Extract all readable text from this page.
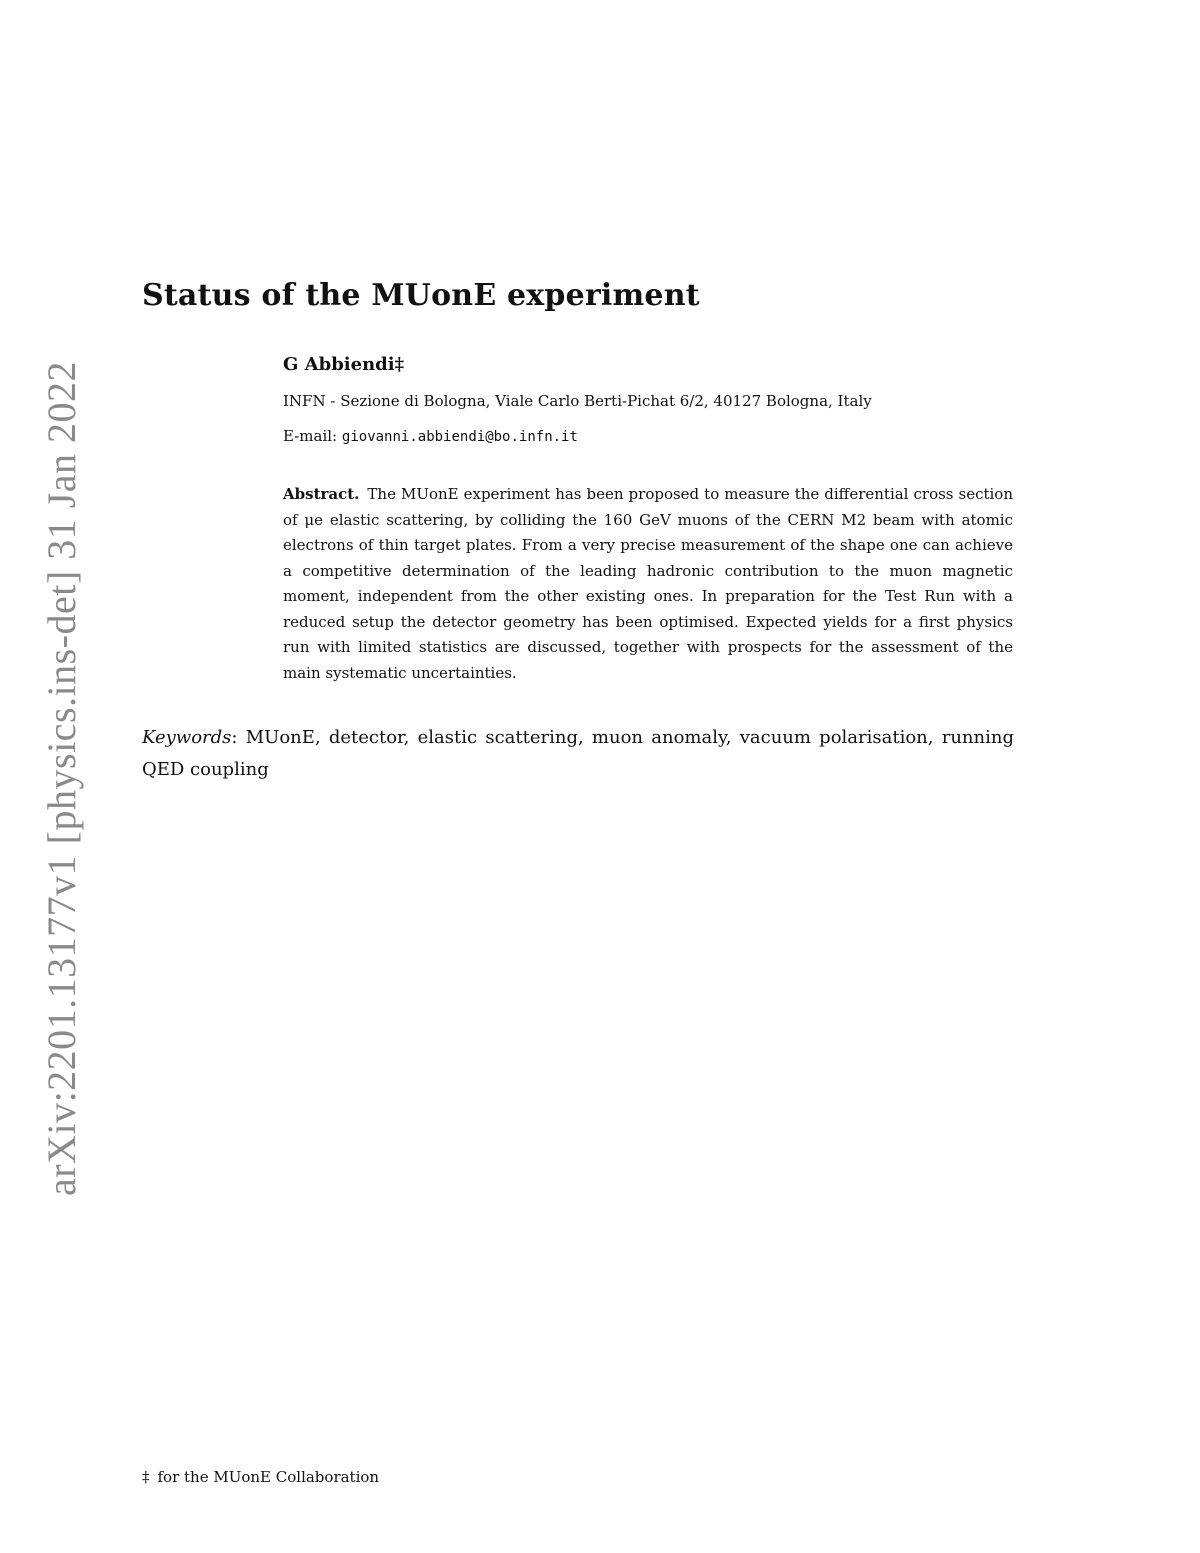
arXiv:2201.13177v1 [physics.ins-det] 31 Jan 2022
Status of the MUonE experiment
G Abbiendi‡
INFN - Sezione di Bologna, Viale Carlo Berti-Pichat 6/2, 40127 Bologna, Italy
E-mail: giovanni.abbiendi@bo.infn.it
Abstract. The MUonE experiment has been proposed to measure the differential cross section of μe elastic scattering, by colliding the 160 GeV muons of the CERN M2 beam with atomic electrons of thin target plates. From a very precise measurement of the shape one can achieve a competitive determination of the leading hadronic contribution to the muon magnetic moment, independent from the other existing ones. In preparation for the Test Run with a reduced setup the detector geometry has been optimised. Expected yields for a first physics run with limited statistics are discussed, together with prospects for the assessment of the main systematic uncertainties.
Keywords: MUonE, detector, elastic scattering, muon anomaly, vacuum polarisation, running QED coupling
‡ for the MUonE Collaboration
